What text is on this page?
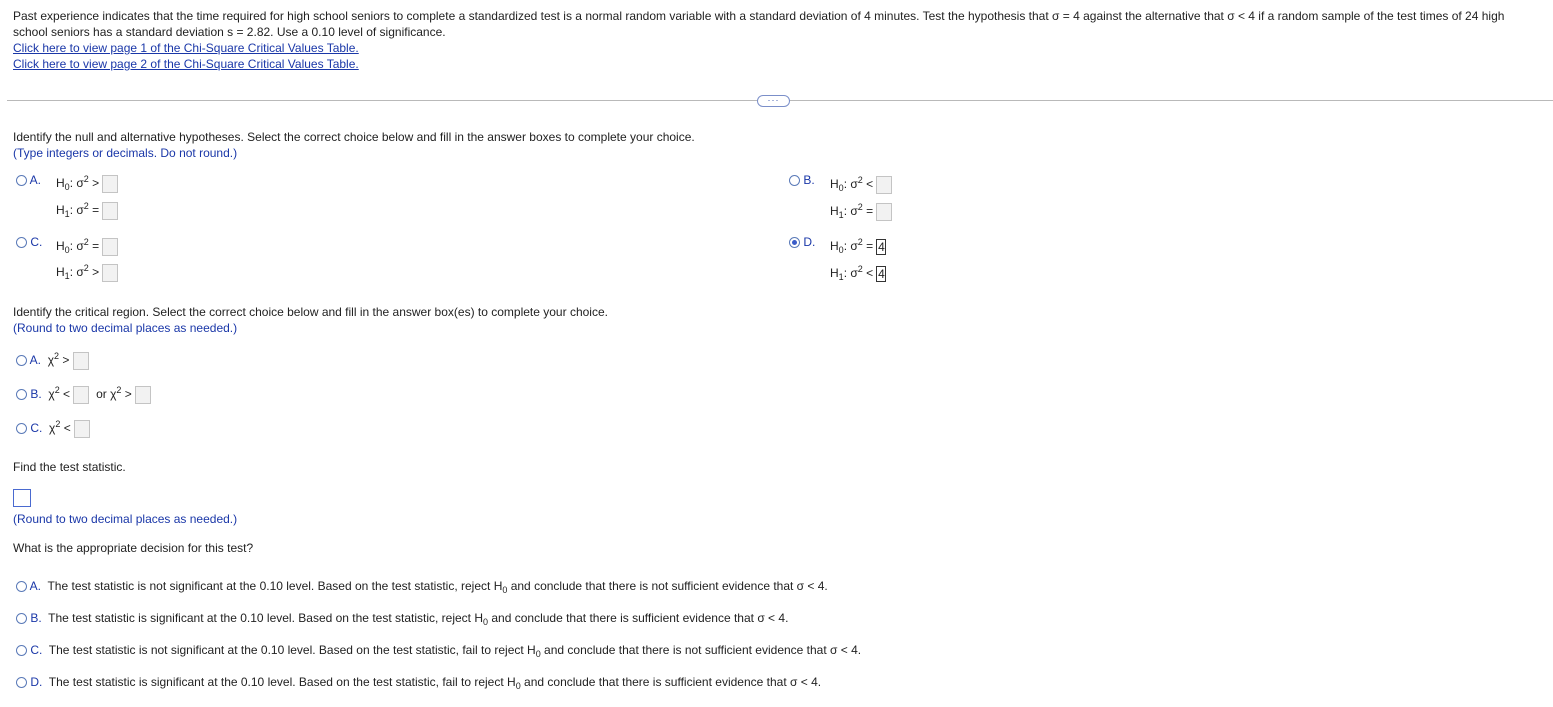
Past experience indicates that the time required for high school seniors to complete a standardized test is a normal random variable with a standard deviation of 4 minutes. Test the hypothesis that σ = 4 against the alternative that σ < 4 if a random sample of the test times of 24 high school seniors has a standard deviation s = 2.82. Use a 0.10 level of significance.
Click here to view page 1 of the Chi-Square Critical Values Table.
Click here to view page 2 of the Chi-Square Critical Values Table.
···
Identify the null and alternative hypotheses. Select the correct choice below and fill in the answer boxes to complete your choice.
(Type integers or decimals. Do not round.)
A. $H_0$: $\sigma^2$ >
$H_1$: $\sigma^2$ =
B. $H_0$: $\sigma^2$ <
$H_1$: $\sigma^2$ =
C. $H_0$: $\sigma^2$ =
$H_1$: $\sigma^2$ >
D. $H_0$: $\sigma^2 = 4$
$H_1$: $\sigma^2 < 4$
Identify the critical region. Select the correct choice below and fill in the answer box(es) to complete your choice.
(Round to two decimal places as needed.)
A. $\chi^2$ >
B. $\chi^2$ < or $\chi^2$ >
C. $\chi^2$ <
Find the test statistic.
(Round to two decimal places as needed.)
What is the appropriate decision for this test?
A. The test statistic is not significant at the 0.10 level. Based on the test statistic, reject $H_0$ and conclude that there is not sufficient evidence that σ < 4.
B. The test statistic is significant at the 0.10 level. Based on the test statistic, reject $H_0$ and conclude that there is sufficient evidence that σ < 4.
C. The test statistic is not significant at the 0.10 level. Based on the test statistic, fail to reject $H_0$ and conclude that there is not sufficient evidence that σ < 4.
D. The test statistic is significant at the 0.10 level. Based on the test statistic, fail to reject $H_0$ and conclude that there is sufficient evidence that σ < 4.
